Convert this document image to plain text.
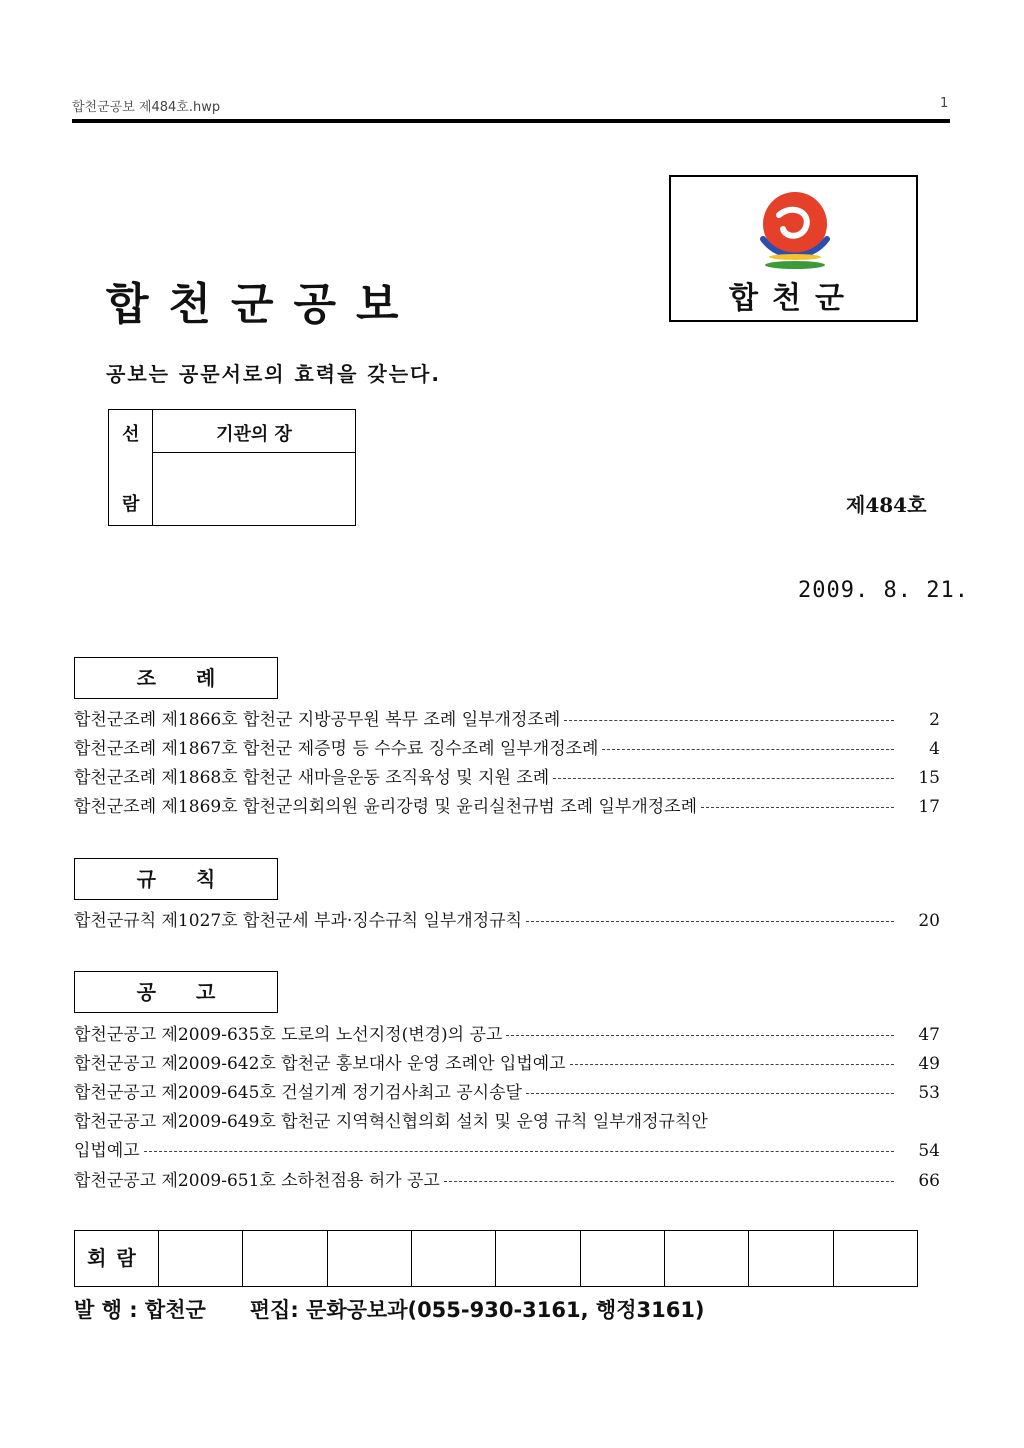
합천군공보 제484호.hwp	1
합천군공보	합천군
공보는 공문서로의 효력을 갖는다.
선
람
기관의 장
제484호
2009. 8. 21.
조례
합천군조례 제1866호 합천군 지방공무원 복무 조례 일부개정조례	2
합천군조례 제1867호 합천군 제증명 등 수수료 징수조례 일부개정조례	4
합천군조례 제1868호 합천군 새마을운동 조직육성 및 지원 조례	15
합천군조례 제1869호 합천군의회의원 윤리강령 및 윤리실천규범 조례 일부개정조례	17
규칙
합천군규칙 제1027호 합천군세 부과·징수규칙 일부개정규칙	20
공고
합천군공고 제2009-635호 도로의 노선지정(변경)의 공고	47
합천군공고 제2009-642호 합천군 홍보대사 운영 조례안 입법예고	49
합천군공고 제2009-645호 건설기계 정기검사최고 공시송달	53
합천군공고 제2009-649호 합천군 지역혁신협의회 설치 및 운영 규칙 일부개정규칙안
입법예고	54
합천군공고 제2009-651호 소하천점용 허가 공고	66
회람
발 행 : 합천군 편집: 문화공보과(055-930-3161, 행정3161)
